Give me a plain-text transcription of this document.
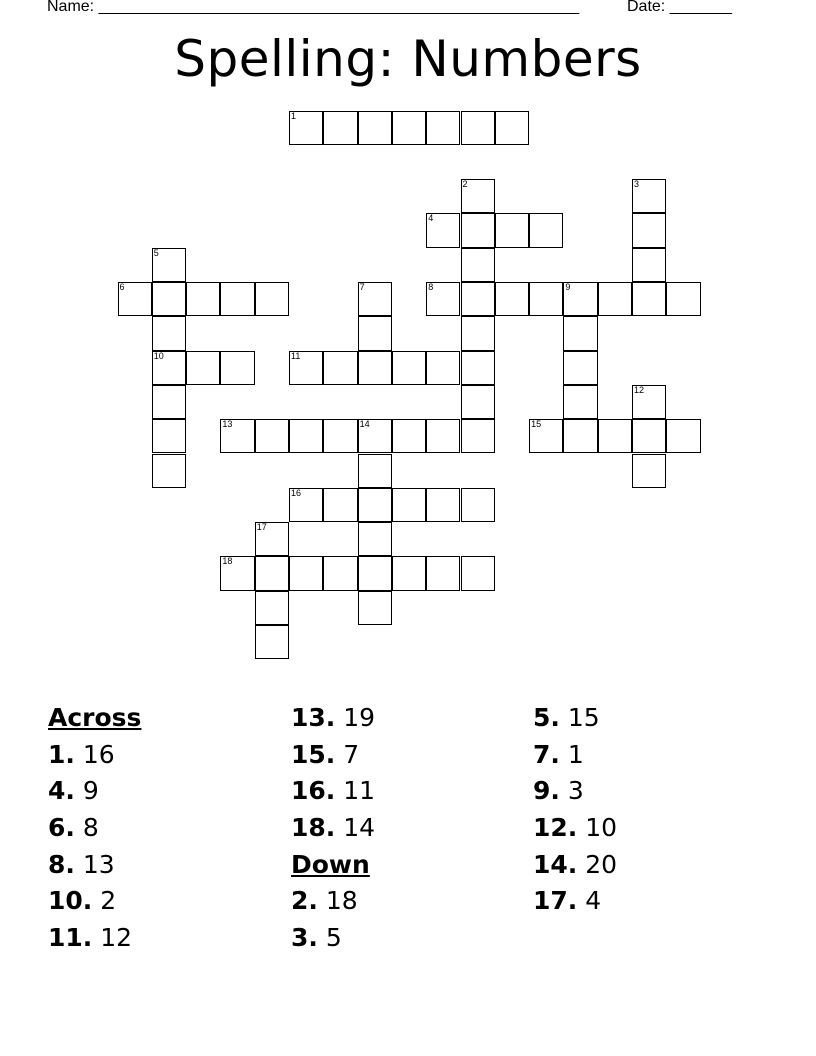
Name: ______________________________________________________	Date: _______
Spelling: Numbers
1
2	3
4
5
6	7	8	9
10	11
12
13	14	15
16
17
18
Across
1. 16
4. 9
6. 8
8. 13
10. 2
11. 12
13. 19
15. 7
16. 11
18. 14
Down
2. 18
3. 5
5. 15
7. 1
9. 3
12. 10
14. 20
17. 4
